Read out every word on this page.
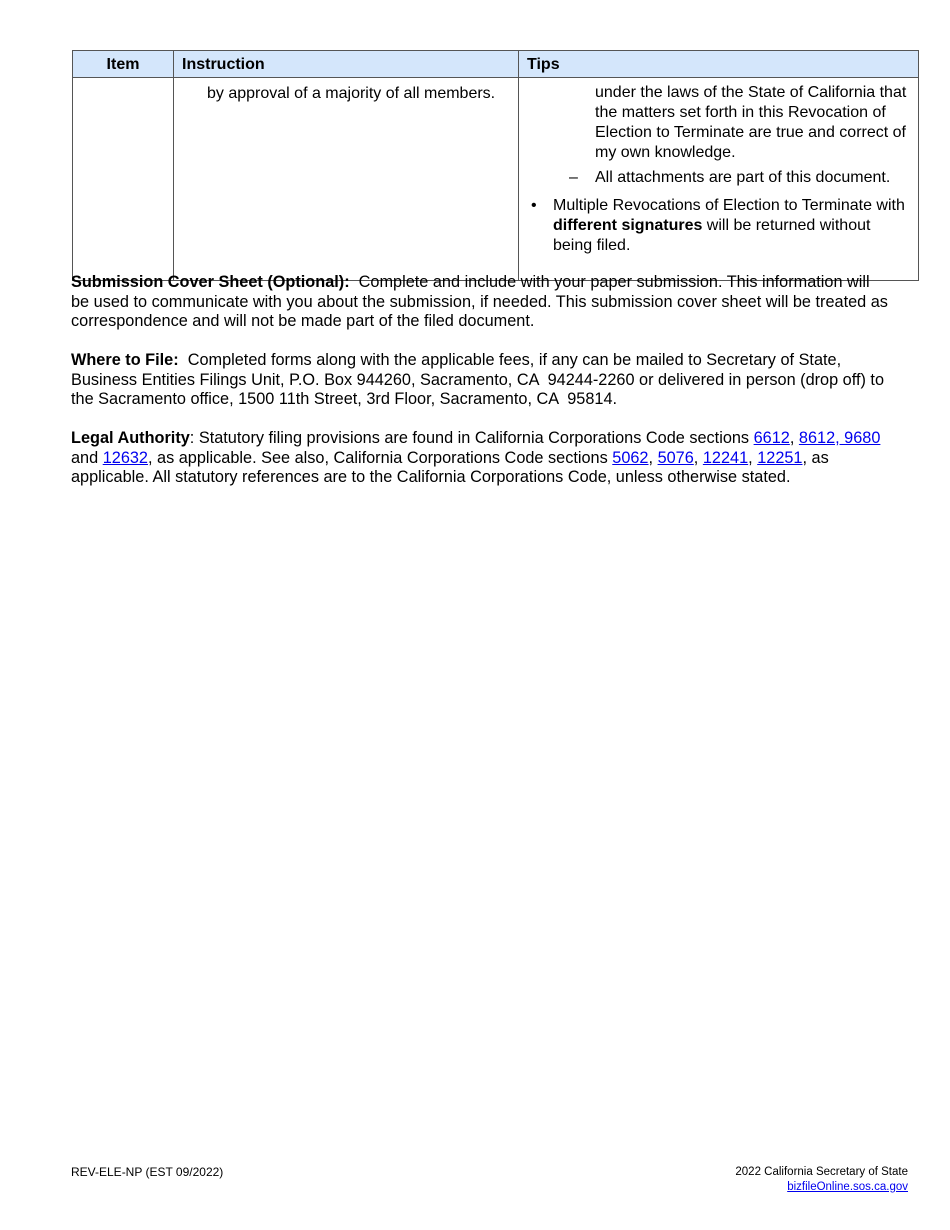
Item	Instruction	Tips

	by approval of a majority of all members.	under the laws of the State of California that the matters set forth in this Revocation of Election to Terminate are true and correct of my own knowledge.
– All attachments are part of this document.
• Multiple Revocations of Election to Terminate with different signatures will be returned without being filed.
Submission Cover Sheet (Optional):  Complete and include with your paper submission. This information will be used to communicate with you about the submission, if needed. This submission cover sheet will be treated as correspondence and will not be made part of the filed document.
Where to File:  Completed forms along with the applicable fees, if any can be mailed to Secretary of State, Business Entities Filings Unit, P.O. Box 944260, Sacramento, CA  94244-2260 or delivered in person (drop off) to the Sacramento office, 1500 11th Street, 3rd Floor, Sacramento, CA  95814.
Legal Authority: Statutory filing provisions are found in California Corporations Code sections 6612, 8612, 9680 and 12632, as applicable. See also, California Corporations Code sections 5062, 5076, 12241, 12251, as applicable. All statutory references are to the California Corporations Code, unless otherwise stated.
REV-ELE-NP (EST 09/2022)	2022 California Secretary of State
bizfileOnline.sos.ca.gov
